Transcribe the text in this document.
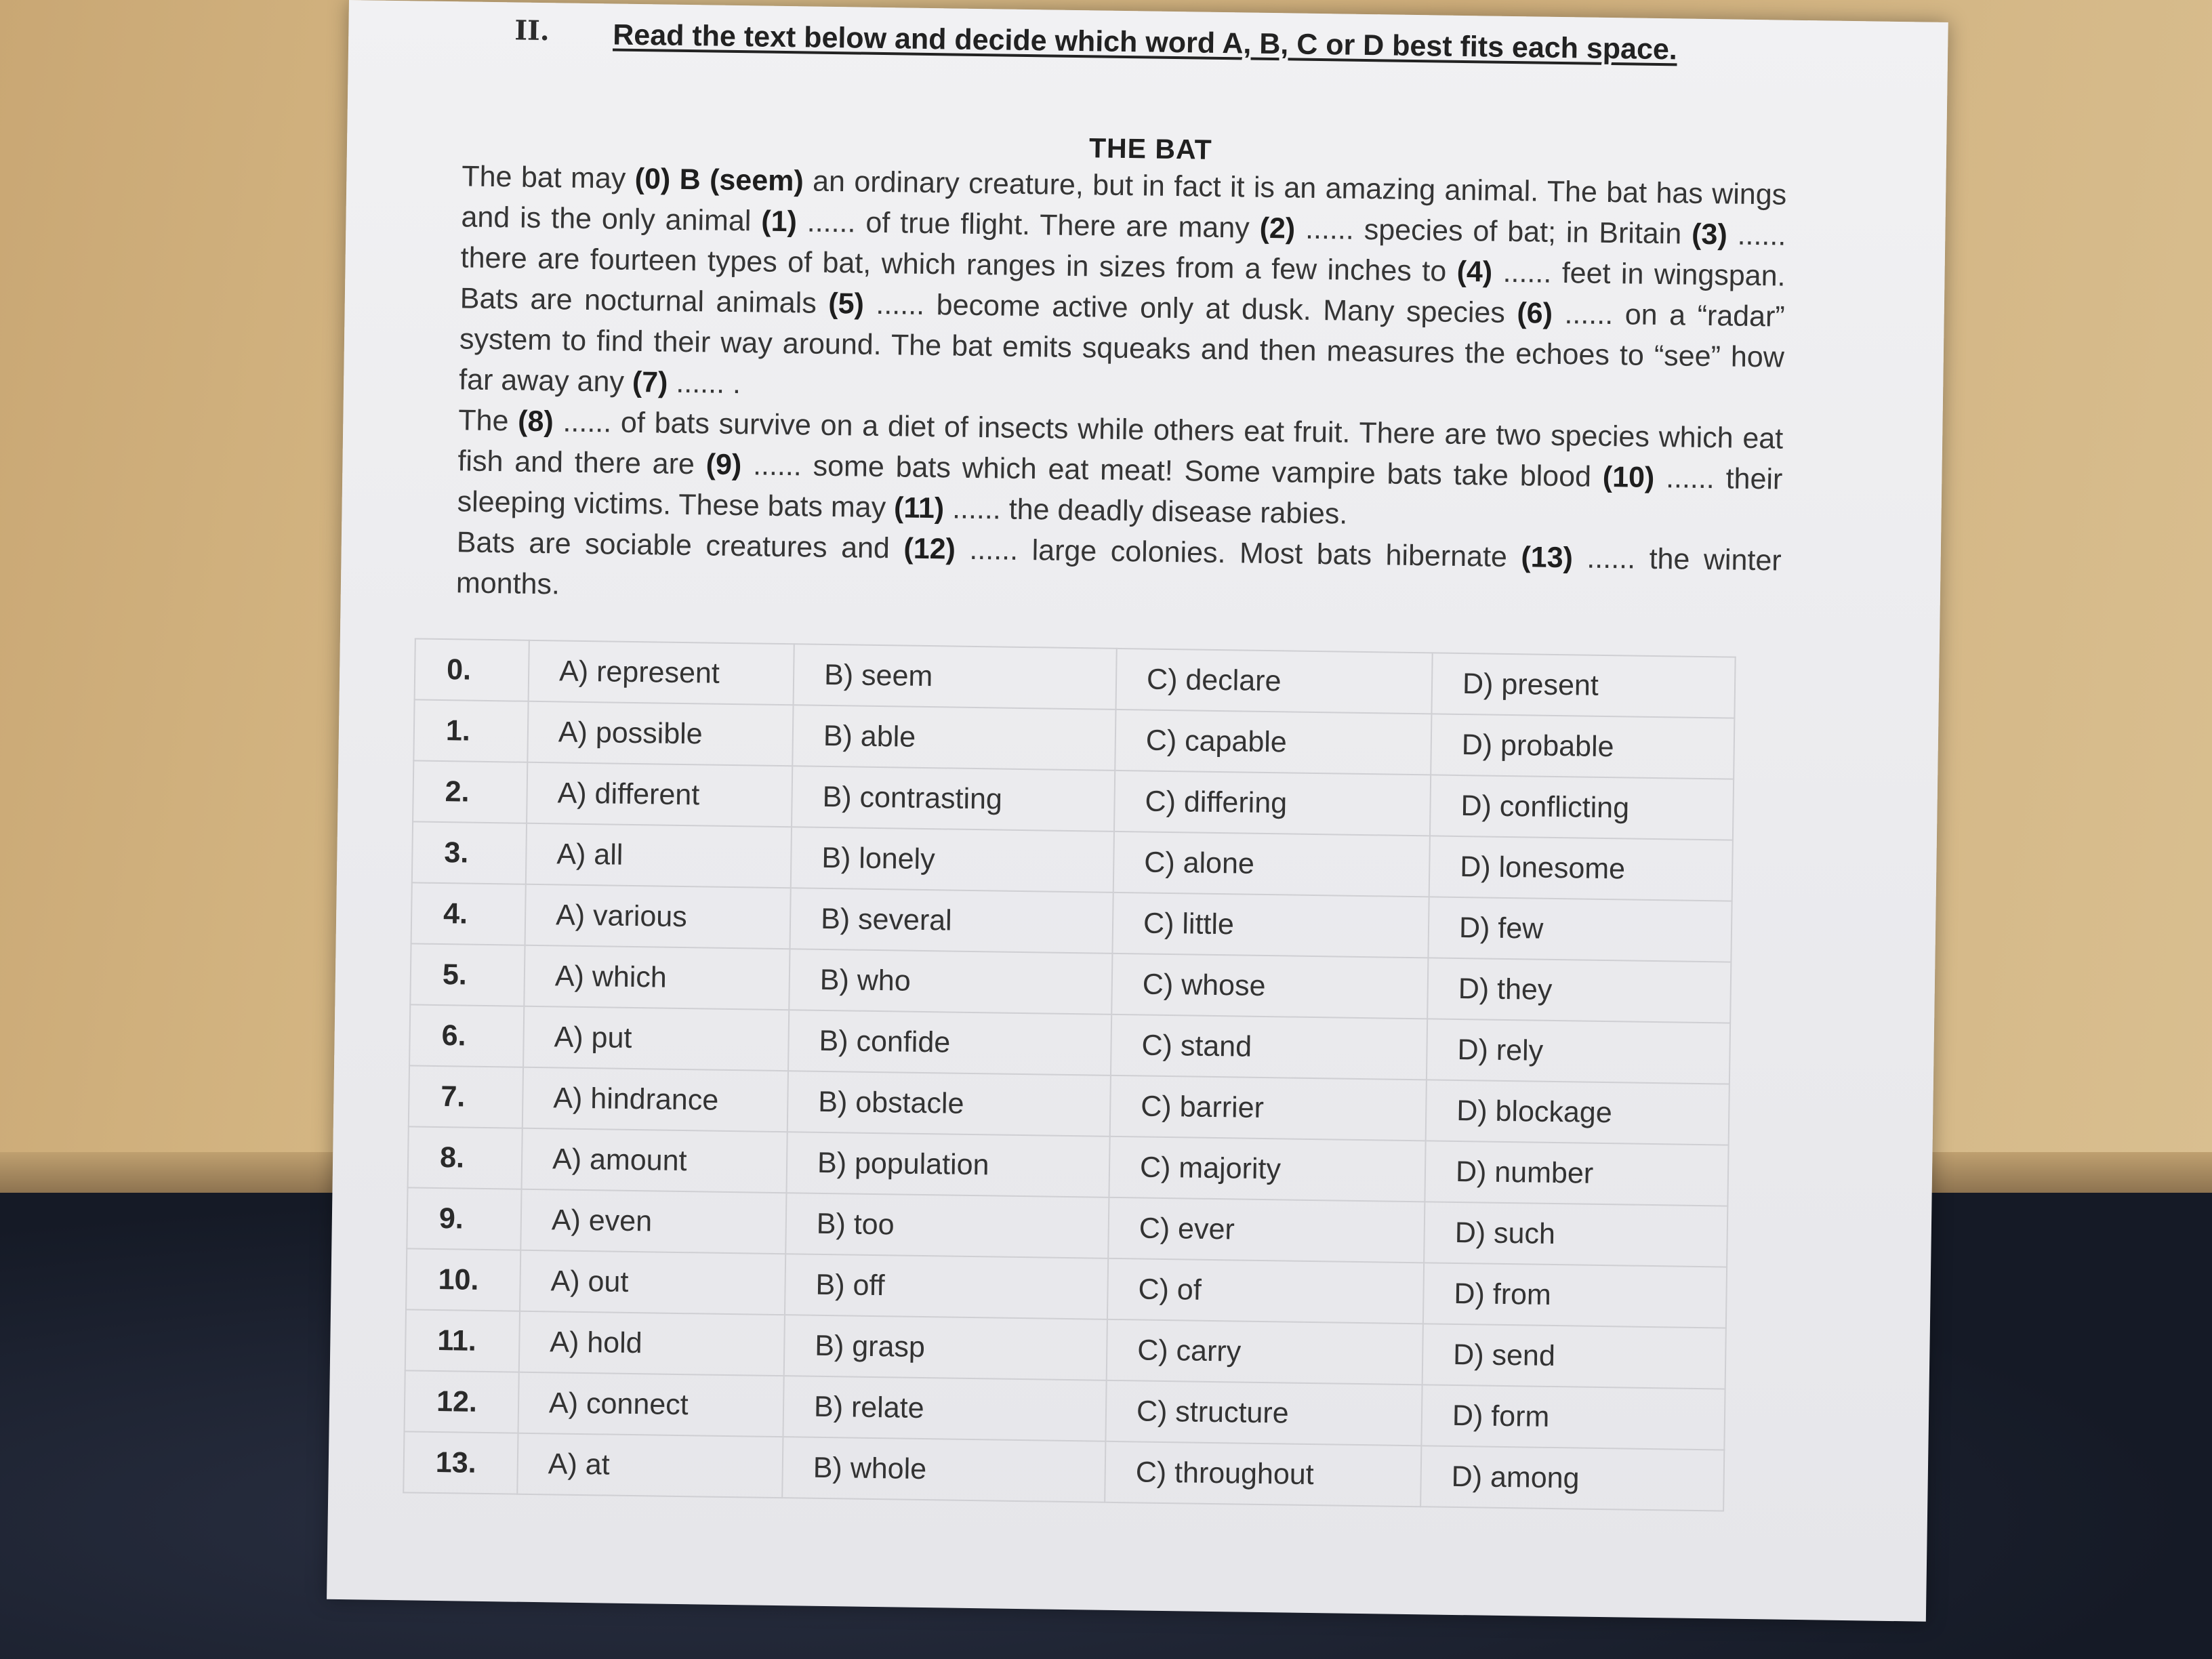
II. Read the text below and decide which word A, B, C or D best fits each space.
THE BAT

The bat may (0) B (seem) an ordinary creature, but in fact it is an amazing animal. The bat has wings and is the only animal (1) ...... of true flight. There are many (2) ...... species of bat; in Britain (3) ...... there are fourteen types of bat, which ranges in sizes from a few inches to (4) ...... feet in wingspan. Bats are nocturnal animals (5) ...... become active only at dusk. Many species (6) ...... on a “radar” system to find their way around. The bat emits squeaks and then measures the echoes to “see” how far away any (7) ...... .

The (8) ...... of bats survive on a diet of insects while others eat fruit. There are two species which eat fish and there are (9) ...... some bats which eat meat! Some vampire bats take blood (10) ...... their sleeping victims. These bats may (11) ...... the deadly disease rabies.

Bats are sociable creatures and (12) ...... large colonies. Most bats hibernate (13) ...... the winter months.

0.	A) represent	B) seem	C) declare	D) present
1.	A) possible	B) able	C) capable	D) probable
2.	A) different	B) contrasting	C) differing	D) conflicting
3.	A) all	B) lonely	C) alone	D) lonesome
4.	A) various	B) several	C) little	D) few
5.	A) which	B) who	C) whose	D) they
6.	A) put	B) confide	C) stand	D) rely
7.	A) hindrance	B) obstacle	C) barrier	D) blockage
8.	A) amount	B) population	C) majority	D) number
9.	A) even	B) too	C) ever	D) such
10.	A) out	B) off	C) of	D) from
11.	A) hold	B) grasp	C) carry	D) send
12.	A) connect	B) relate	C) structure	D) form
13.	A) at	B) whole	C) throughout	D) among
